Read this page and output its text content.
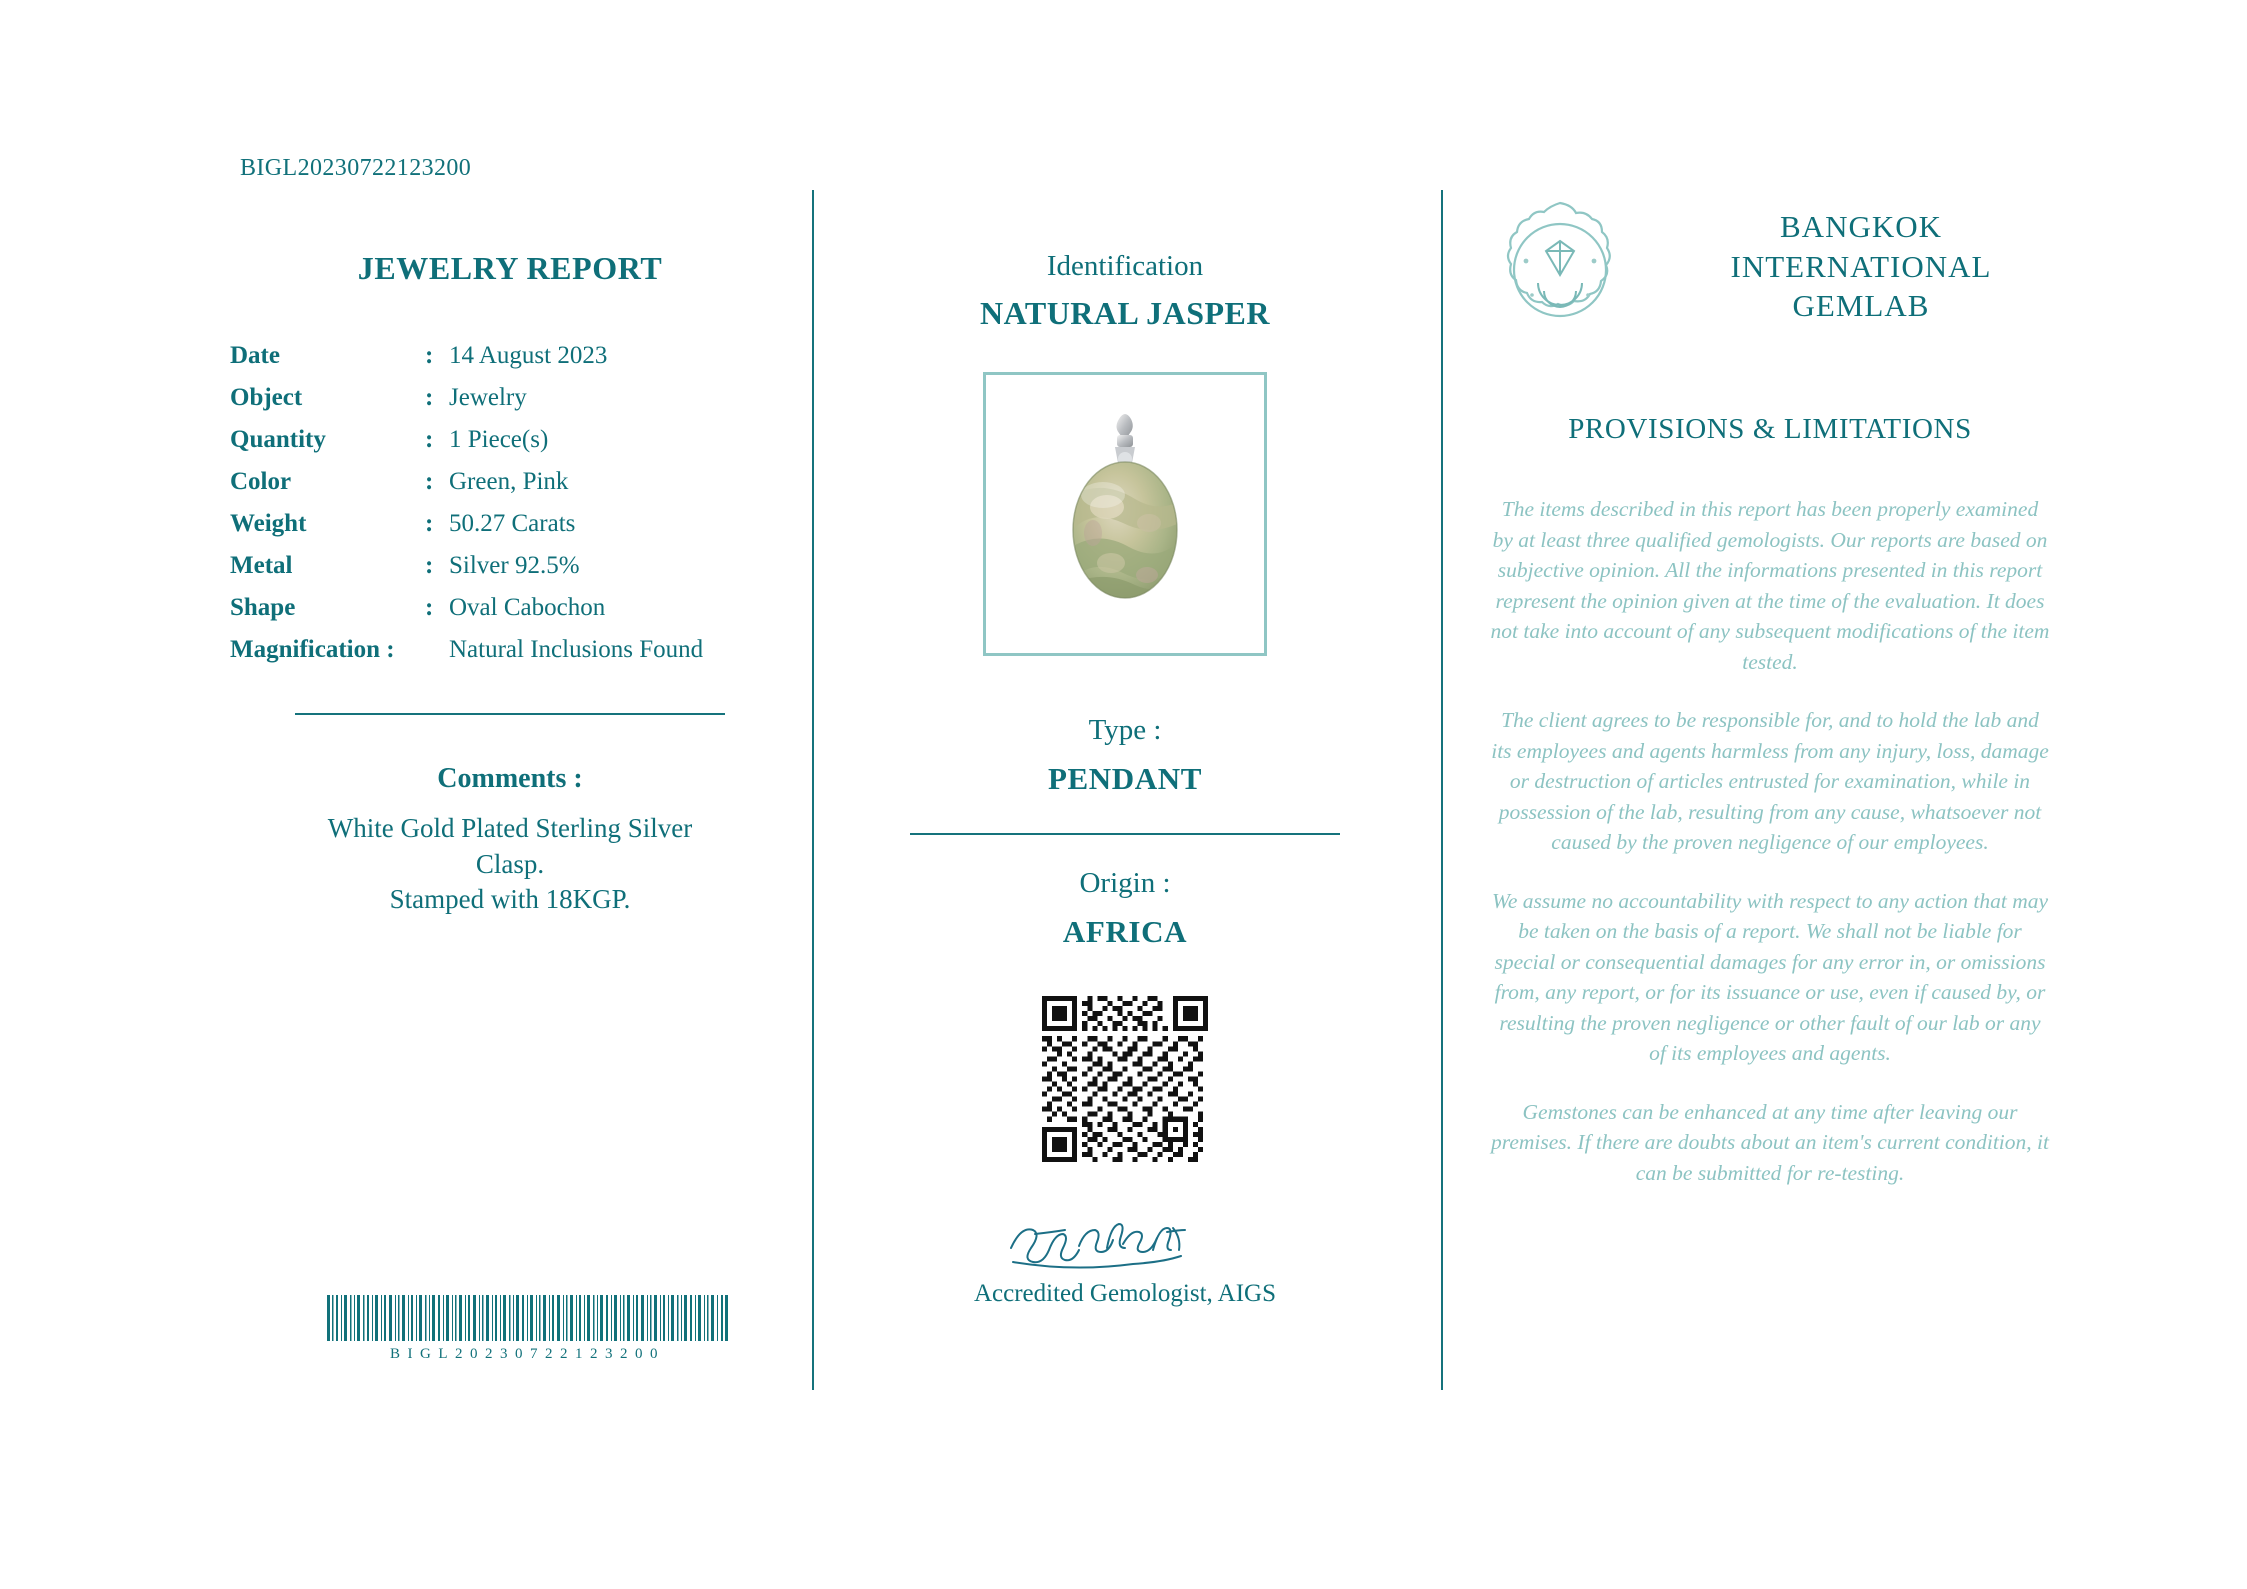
BIGL20230722123200
JEWELRY REPORT
Date	:	14 August 2023
Object	:	Jewelry
Quantity	:	1 Piece(s)
Color	:	Green, Pink
Weight	:	50.27 Carats
Metal	:	Silver 92.5%
Shape	:	Oval Cabochon
Magnification :		Natural Inclusions Found
Comments :
White Gold Plated Sterling Silver
Clasp.
Stamped with 18KGP.
BIGL20230722123200
Identification
NATURAL JASPER
Type :
PENDANT
Origin :
AFRICA
Accredited Gemologist, AIGS
BANGKOK
INTERNATIONAL
GEMLAB
PROVISIONS & LIMITATIONS

The items described in this report has been properly examined by at least three qualified gemologists. Our reports are based on subjective opinion. All the informations presented in this report represent the opinion given at the time of the evaluation. It does not take into account of any subsequent modifications of the item tested.

The client agrees to be responsible for, and to hold the lab and its employees and agents harmless from any injury, loss, damage or destruction of articles entrusted for examination, while in possession of the lab, resulting from any cause, whatsoever not caused by the proven negligence of our employees.

We assume no accountability with respect to any action that may be taken on the basis of a report. We shall not be liable for special or consequential damages for any error in, or omissions from, any report, or for its issuance or use, even if caused by, or resulting the proven negligence or other fault of our lab or any of its employees and agents.

Gemstones can be enhanced at any time after leaving our premises. If there are doubts about an item's current condition, it can be submitted for re-testing.
